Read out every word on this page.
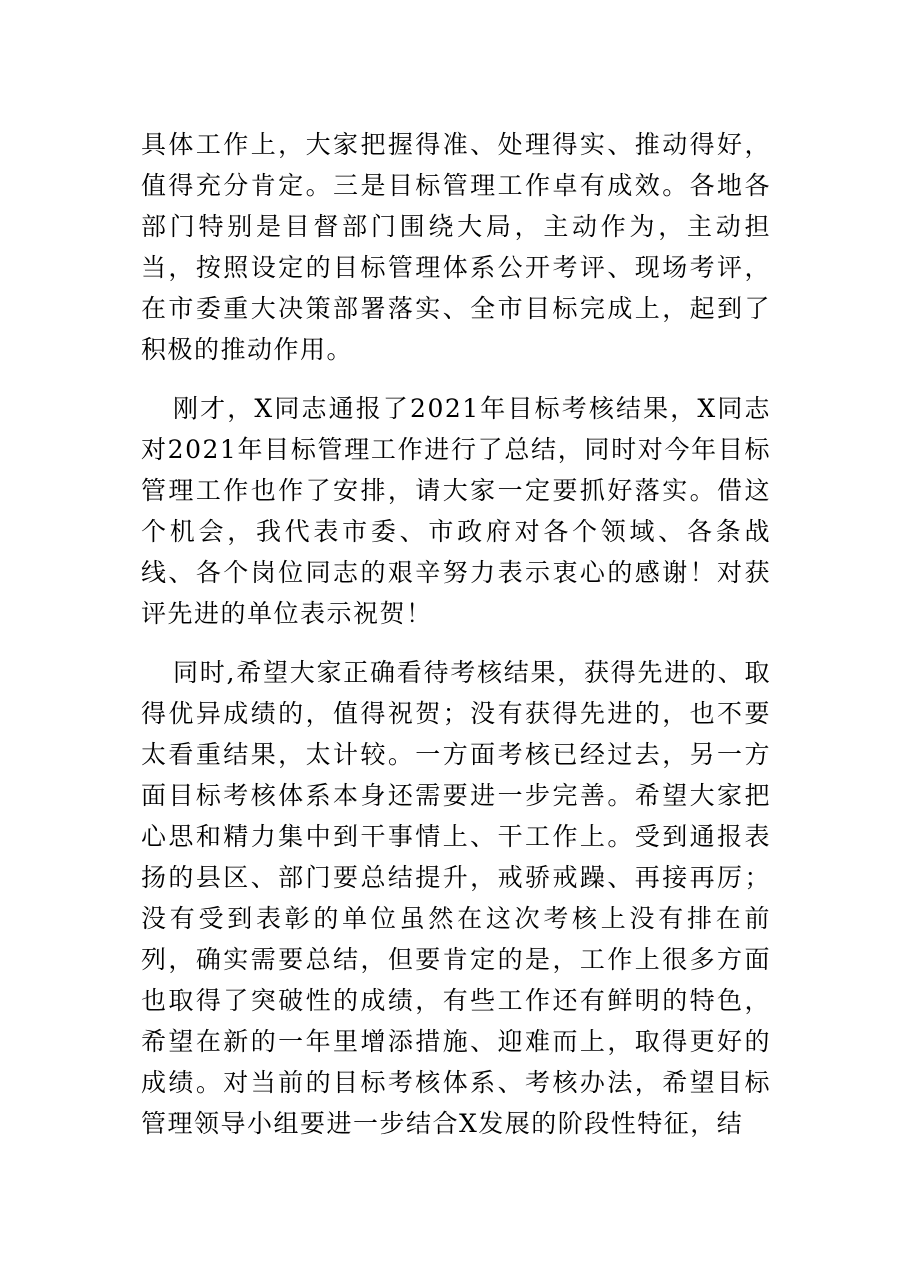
具体工作上，大家把握得准、处理得实、推动得好，值得充分肯定。三是目标管理工作卓有成效。各地各部门特别是目督部门围绕大局，主动作为，主动担当，按照设定的目标管理体系公开考评、现场考评，在市委重大决策部署落实、全市目标完成上，起到了积极的推动作用。

刚才，X同志通报了2021年目标考核结果，X同志对2021年目标管理工作进行了总结，同时对今年目标管理工作也作了安排，请大家一定要抓好落实。借这个机会，我代表市委、市政府对各个领域、各条战线、各个岗位同志的艰辛努力表示衷心的感谢！对获评先进的单位表示祝贺！

同时,希望大家正确看待考核结果，获得先进的、取得优异成绩的，值得祝贺；没有获得先进的，也不要太看重结果，太计较。一方面考核已经过去，另一方面目标考核体系本身还需要进一步完善。希望大家把心思和精力集中到干事情上、干工作上。受到通报表扬的县区、部门要总结提升，戒骄戒躁、再接再厉；没有受到表彰的单位虽然在这次考核上没有排在前列，确实需要总结，但要肯定的是，工作上很多方面也取得了突破性的成绩，有些工作还有鲜明的特色，希望在新的一年里增添措施、迎难而上，取得更好的成绩。对当前的目标考核体系、考核办法，希望目标管理领导小组要进一步结合X发展的阶段性特征，结
